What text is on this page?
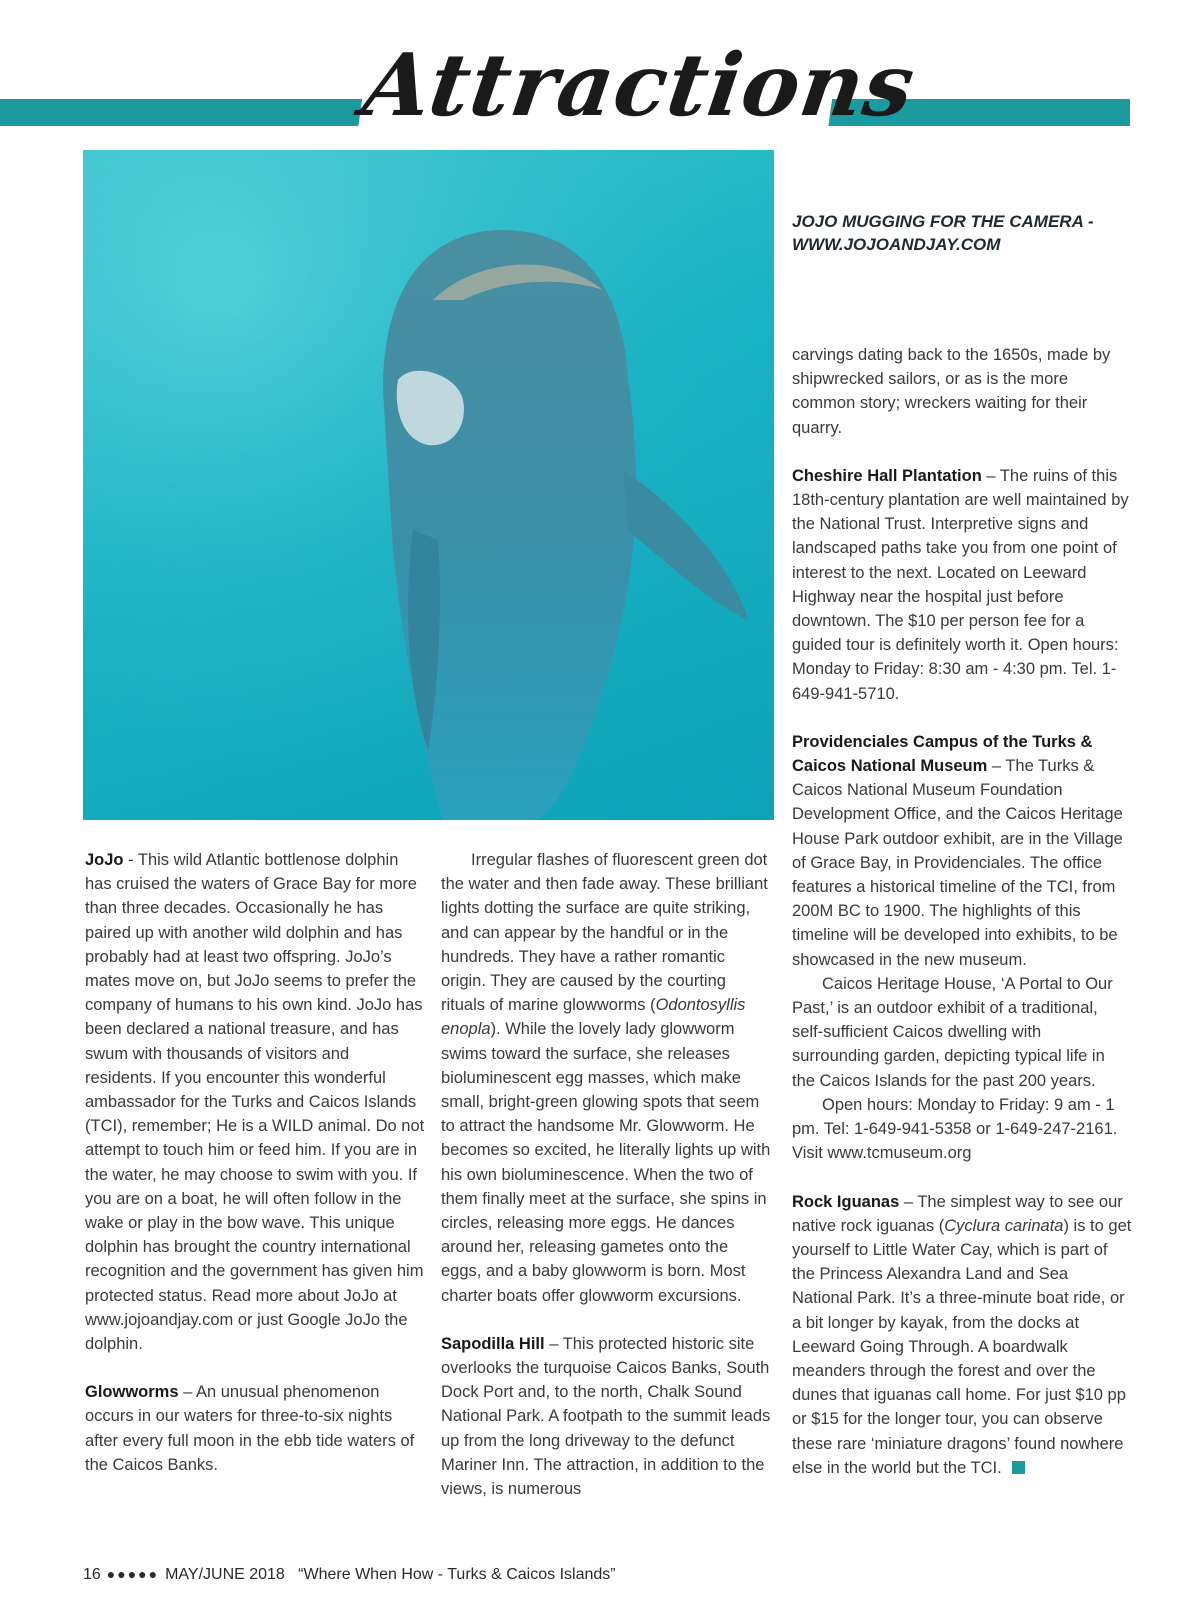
Attractions
JOJO MUGGING FOR THE CAMERA - WWW.JOJOANDJAY.COM

JoJo - This wild Atlantic bottlenose dolphin has cruised the waters of Grace Bay for more than three decades. Occasionally he has paired up with another wild dolphin and has probably had at least two offspring. JoJo’s mates move on, but JoJo seems to prefer the company of humans to his own kind. JoJo has been declared a national treasure, and has swum with thousands of visitors and residents. If you encounter this wonderful ambassador for the Turks and Caicos Islands (TCI), remember; He is a WILD animal. Do not attempt to touch him or feed him. If you are in the water, he may choose to swim with you. If you are on a boat, he will often follow in the wake or play in the bow wave. This unique dolphin has brought the country international recognition and the government has given him protected status. Read more about JoJo at www.jojoandjay.com or just Google JoJo the dolphin.

Glowworms – An unusual phenomenon occurs in our waters for three-to-six nights after every full moon in the ebb tide waters of the Caicos Banks.

Irregular flashes of fluorescent green dot the water and then fade away. These brilliant lights dotting the surface are quite striking, and can appear by the handful or in the hundreds. They have a rather romantic origin. They are caused by the courting rituals of marine glowworms (Odontosyllis enopla). While the lovely lady glowworm swims toward the surface, she releases bioluminescent egg masses, which make small, bright-green glowing spots that seem to attract the handsome Mr. Glowworm. He becomes so excited, he literally lights up with his own bioluminescence. When the two of them finally meet at the surface, she spins in circles, releasing more eggs. He dances around her, releasing gametes onto the eggs, and a baby glowworm is born. Most charter boats offer glowworm excursions.

Sapodilla Hill – This protected historic site overlooks the turquoise Caicos Banks, South Dock Port and, to the north, Chalk Sound National Park. A footpath to the summit leads up from the long driveway to the defunct Mariner Inn. The attraction, in addition to the views, is numerous

carvings dating back to the 1650s, made by shipwrecked sailors, or as is the more common story; wreckers waiting for their quarry.

Cheshire Hall Plantation – The ruins of this 18th-century plantation are well maintained by the National Trust. Interpretive signs and landscaped paths take you from one point of interest to the next. Located on Leeward Highway near the hospital just before downtown. The $10 per person fee for a guided tour is definitely worth it. Open hours: Monday to Friday: 8:30 am - 4:30 pm. Tel. 1-649-941-5710.

Providenciales Campus of the Turks & Caicos National Museum – The Turks & Caicos National Museum Foundation Development Office, and the Caicos Heritage House Park outdoor exhibit, are in the Village of Grace Bay, in Providenciales. The office features a historical timeline of the TCI, from 200M BC to 1900. The highlights of this timeline will be developed into exhibits, to be showcased in the new museum.

Caicos Heritage House, ‘A Portal to Our Past,’ is an outdoor exhibit of a traditional, self-sufficient Caicos dwelling with surrounding garden, depicting typical life in the Caicos Islands for the past 200 years.

Open hours: Monday to Friday: 9 am - 1 pm. Tel: 1-649-941-5358 or 1-649-247-2161. Visit www.tcmuseum.org

Rock Iguanas – The simplest way to see our native rock iguanas (Cyclura carinata) is to get yourself to Little Water Cay, which is part of the Princess Alexandra Land and Sea National Park. It’s a three-minute boat ride, or a bit longer by kayak, from the docks at Leeward Going Through. A boardwalk meanders through the forest and over the dunes that iguanas call home. For just $10 pp or $15 for the longer tour, you can observe these rare ‘miniature dragons’ found nowhere else in the world but the TCI.

16 ●●●●● MAY/JUNE 2018 “Where When How - Turks & Caicos Islands”
